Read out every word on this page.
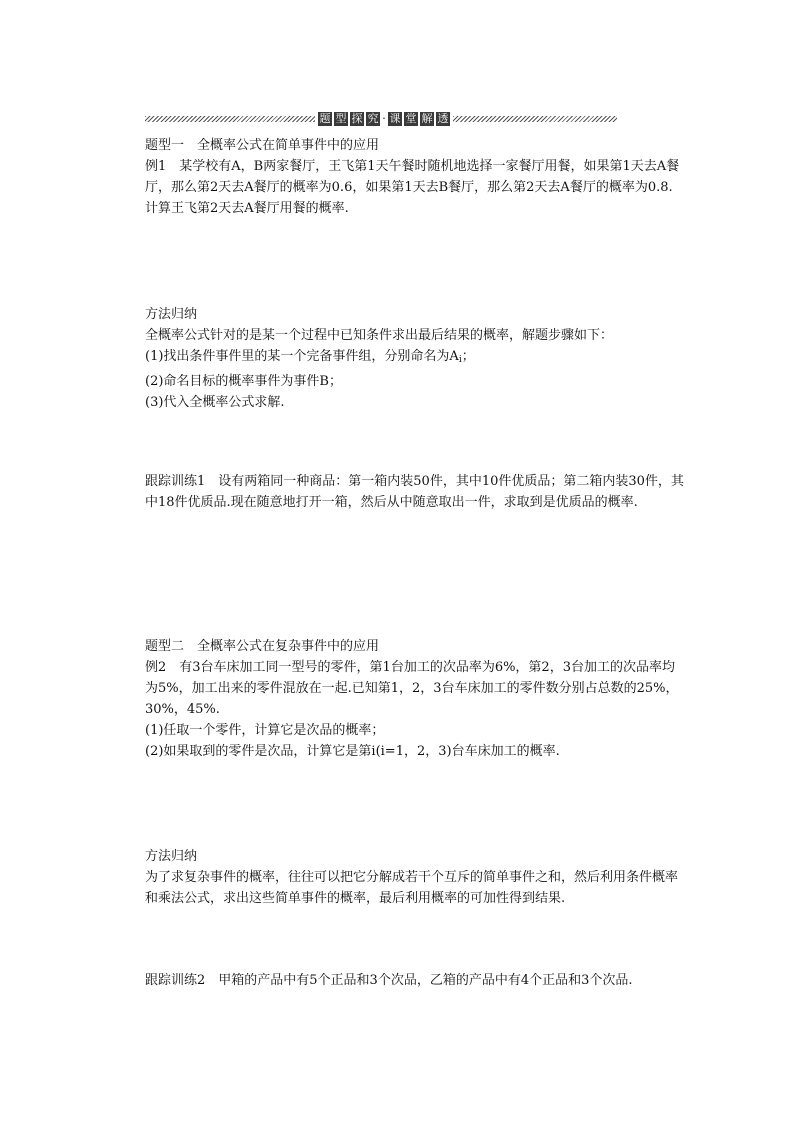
题 型 探 究 · 课 堂 解 透

题型一　全概率公式在简单事件中的应用

例1　某学校有A，B两家餐厅，王飞第1天午餐时随机地选择一家餐厅用餐，如果第1天去A餐厅，那么第2天去A餐厅的概率为0.6，如果第1天去B餐厅，那么第2天去A餐厅的概率为0.8.计算王飞第2天去A餐厅用餐的概率.

方法归纳

全概率公式针对的是某一个过程中已知条件求出最后结果的概率，解题步骤如下：

(1)找出条件事件里的某一个完备事件组，分别命名为$A_i$；

(2)命名目标的概率事件为事件B；

(3)代入全概率公式求解.

跟踪训练1　设有两箱同一种商品：第一箱内装50件，其中10件优质品；第二箱内装30件，其中18件优质品.现在随意地打开一箱，然后从中随意取出一件，求取到是优质品的概率.

题型二　全概率公式在复杂事件中的应用

例2　有3台车床加工同一型号的零件，第1台加工的次品率为6%，第2，3台加工的次品率均为5%，加工出来的零件混放在一起.已知第1，2，3台车床加工的零件数分别占总数的25%，30%，45%.

(1)任取一个零件，计算它是次品的概率；

(2)如果取到的零件是次品，计算它是第i(i=1，2，3)台车床加工的概率.

方法归纳

为了求复杂事件的概率，往往可以把它分解成若干个互斥的简单事件之和，然后利用条件概率和乘法公式，求出这些简单事件的概率，最后利用概率的可加性得到结果.

跟踪训练2　甲箱的产品中有5个正品和3个次品，乙箱的产品中有4个正品和3个次品.
